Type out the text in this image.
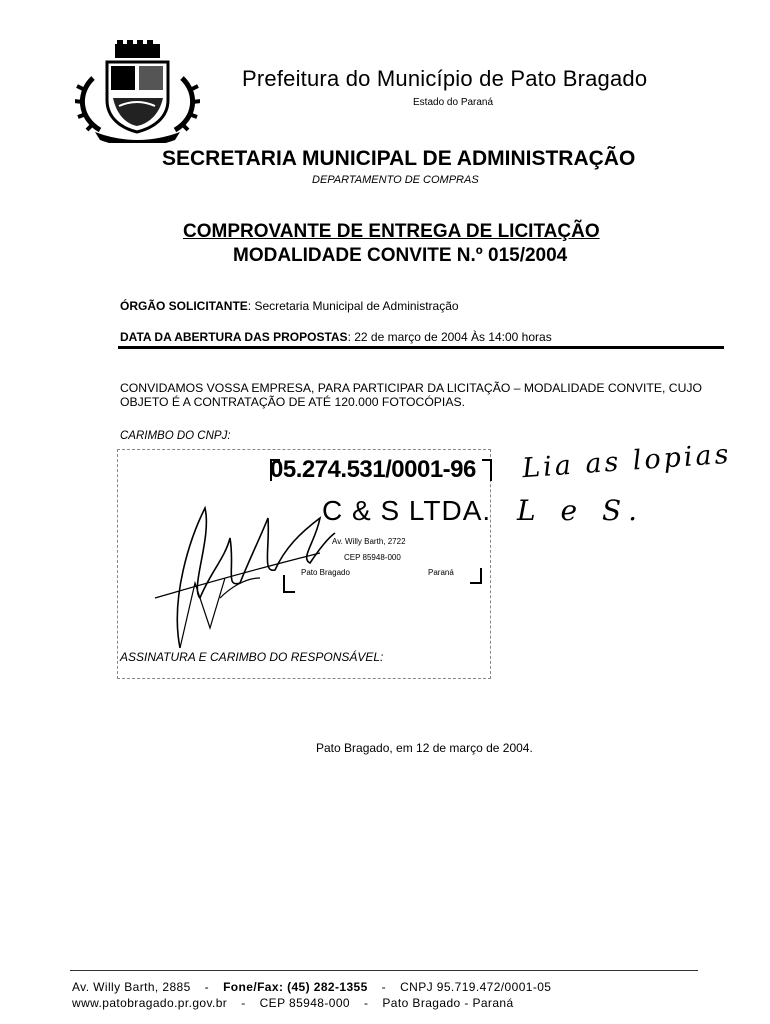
Prefeitura do Município de Pato Bragado
Estado do Paraná
SECRETARIA MUNICIPAL DE ADMINISTRAÇÃO
DEPARTAMENTO DE COMPRAS
COMPROVANTE DE ENTREGA DE LICITAÇÃO
MODALIDADE CONVITE N.º 015/2004
ÓRGÃO SOLICITANTE: Secretaria Municipal de Administração
DATA DA ABERTURA DAS PROPOSTAS: 22 de março de 2004 Às 14:00 horas
CONVIDAMOS VOSSA EMPRESA, PARA PARTICIPAR DA LICITAÇÃO – MODALIDADE CONVITE, CUJO OBJETO É A CONTRATAÇÃO DE ATÉ 120.000 FOTOCÓPIAS.
CARIMBO DO CNPJ:
05.274.531/0001-96
C & S LTDA.
Av. Willy Barth, 2722
CEP 85948-000
Pato Bragado	Paraná
ASSINATURA E CARIMBO DO RESPONSÁVEL:
Lia as lopias
L e S.
Pato Bragado, em 12 de março de 2004.
Av. Willy Barth, 2885 - Fone/Fax: (45) 282-1355 - CNPJ 95.719.472/0001-05
www.patobragado.pr.gov.br - CEP 85948-000 - Pato Bragado - Paraná
